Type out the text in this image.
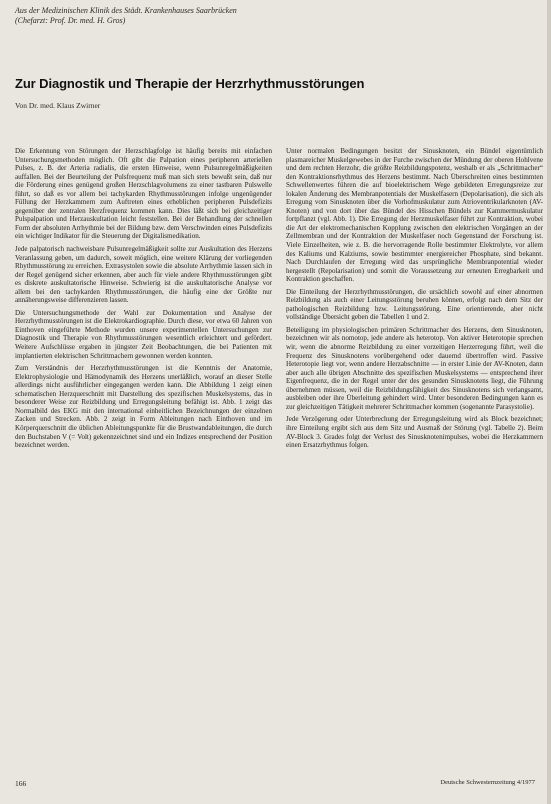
Aus der Medizinischen Klinik des Städt. Krankenhauses Saarbrücken
(Chefarzt: Prof. Dr. med. H. Gros)
Zur Diagnostik und Therapie der Herzrhythmusstörungen
Von Dr. med. Klaus Zwirner

Die Erkennung von Störungen der Herzschlagfolge ist häufig bereits mit einfachen Untersuchungsmethoden möglich. Oft gibt die Palpation eines peripheren arteriellen Pulses, z. B. der Arteria radialis, die ersten Hinweise, wenn Pulsunregelmäßigkeiten auffallen. Bei der Beurteilung der Pulsfrequenz muß man sich stets bewußt sein, daß nur die Förderung eines genügend großen Herzschlagvolumens zu einer tastbaren Pulswelle führt, so daß es vor allem bei tachykarden Rhythmusstörungen infolge ungenügender Füllung der Herzkammern zum Auftreten eines erheblichen peripheren Pulsdefizits gegenüber der zentralen Herzfrequenz kommen kann. Dies läßt sich bei gleichzeitiger Pulspalpation und Herzauskultation leicht feststellen. Bei der Behandlung der schnellen Form der absoluten Arrhythmie bei der Bildung bzw. dem Verschwinden eines Pulsdefizits ein wichtiger Indikator für die Steuerung der Digitalismedikation.

Jede palpatorisch nachweisbare Pulsunregelmäßigkeit sollte zur Auskultation des Herzens Veranlassung geben, um dadurch, soweit möglich, eine weitere Klärung der vorliegenden Rhythmusstörung zu erreichen. Extrasystolen sowie die absolute Arrhythmie lassen sich in der Regel genügend sicher erkennen, aber auch für viele andere Rhythmusstörungen gibt es diskrete auskultatorische Hinweise. Schwierig ist die auskultatorische Analyse vor allem bei den tachykarden Rhythmusstörungen, die häufig eine der Größte nur annäherungsweise differenzieren lassen.

Die Untersuchungsmethode der Wahl zur Dokumentation und Analyse der Herzrhythmusstörungen ist die Elektrokardiographie. Durch diese, vor etwa 60 Jahren von Einthoven eingeführte Methode wurden unsere experimentellen Untersuchungen zur Diagnostik und Therapie von Rhythmusstörungen wesentlich erleichtert und gefördert. Weitere Aufschlüsse ergaben in jüngster Zeit Beobachtungen, die bei Patienten mit implantierten elektrischen Schrittmachern gewonnen werden konnten.

Zum Verständnis der Herzrhythmusstörungen ist die Kenntnis der Anatomie, Elektrophysiologie und Hämodynamik des Herzens unerläßlich, worauf an dieser Stelle allerdings nicht ausführlicher eingegangen werden kann. Die Abbildung 1 zeigt einen schematischen Herzquerschnitt mit Darstellung des spezifischen Muskelsystems, das in besonderer Weise zur Reizbildung und Erregungsleitung befähigt ist. Abb. 1 zeigt das Normalbild des EKG mit den international einheitlichen Bezeichnungen der einzelnen Zacken und Strecken. Abb. 2 zeigt in Form Ableitungen nach Einthoven und im Körperquerschnitt die üblichen Ableitungspunkte für die Brustwandableitungen, die durch den Buchstaben V (= Volt) gekennzeichnet sind und ein Indizes entsprechend der Position bezeichnet werden.

Unter normalen Bedingungen besitzt der Sinusknoten, ein Bündel eigentümlich plasmareicher Muskelgewebes in der Furche zwischen der Mündung der oberen Hohlvene und dem rechten Herzohr, die größte Reizbildungspotenz, weshalb er als „Schrittmacher“ den Kontraktionsrhythmus des Herzens bestimmt. Nach Überschreiten eines bestimmten Schwellenwertes führen die auf bioelektrischem Wege gebildeten Erregungsreize zur lokalen Änderung des Membranpotentials der Muskelfasern (Depolarisation), die sich als Erregung vom Sinusknoten über die Vorhofmuskulatur zum Atrioventrikularknoten (AV-Knoten) und von dort über das Bündel des Hisschen Bündels zur Kammermuskulatur fortpflanzt (vgl. Abb. 1). Die Erregung der Herzmuskelfaser führt zur Kontraktion, wobei die Art der elektromechanischen Kopplung zwischen den elektrischen Vorgängen an der Zellmembran und der Kontraktion der Muskelfaser noch Gegenstand der Forschung ist. Viele Einzelheiten, wie z. B. die hervorragende Rolle bestimmter Elektrolyte, vor allem des Kaliums und Kalziums, sowie bestimmter energiereicher Phosphate, sind bekannt. Nach Durchlaufen der Erregung wird das ursprüngliche Membranpotential wieder hergestellt (Repolarisation) und somit die Voraussetzung zur erneuten Erregbarkeit und Kontraktion geschaffen.

Die Einteilung der Herzrhythmusstörungen, die ursächlich sowohl auf einer abnormen Reizbildung als auch einer Leitungsstörung beruhen können, erfolgt nach dem Sitz der pathologischen Reizbildung bzw. Leitungsstörung. Eine orientierende, aber nicht vollständige Übersicht geben die Tabellen 1 und 2.

Beteiligung im physiologischen primären Schrittmacher des Herzens, dem Sinusknoten, bezeichnen wir als nomotop, jede andere als heterotop. Von aktiver Heterotopie sprechen wir, wenn die abnorme Reizbildung zu einer vorzeitigen Herzerregung führt, weil die Frequenz des Sinusknotens vorübergehend oder dauernd übertroffen wird. Passive Heterotopie liegt vor, wenn andere Herzabschnitte — in erster Linie der AV-Knoten, dann aber auch alle übrigen Abschnitte des spezifischen Muskelsystems — entsprechend ihrer Eigenfrequenz, die in der Regel unter der des gesunden Sinusknotens liegt, die Führung übernehmen müssen, weil die Reizbildungsfähigkeit des Sinusknotens sich verlangsamt, ausbleiben oder ihre Überleitung gehindert wird. Unter besonderen Bedingungen kann es zur gleichzeitigen Tätigkeit mehrerer Schrittmacher kommen (sogenannte Parasystolie).

Jede Verzögerung oder Unterbrechung der Erregungsleitung wird als Block bezeichnet; ihre Einteilung ergibt sich aus dem Sitz und Ausmaß der Störung (vgl. Tabelle 2). Beim AV-Block 3. Grades folgt der Verlust des Sinusknotenimpulses, wobei die Herzkammern einen Ersatzrhythmus folgen.

166	Deutsche Schwesternzeitung 4/1977
